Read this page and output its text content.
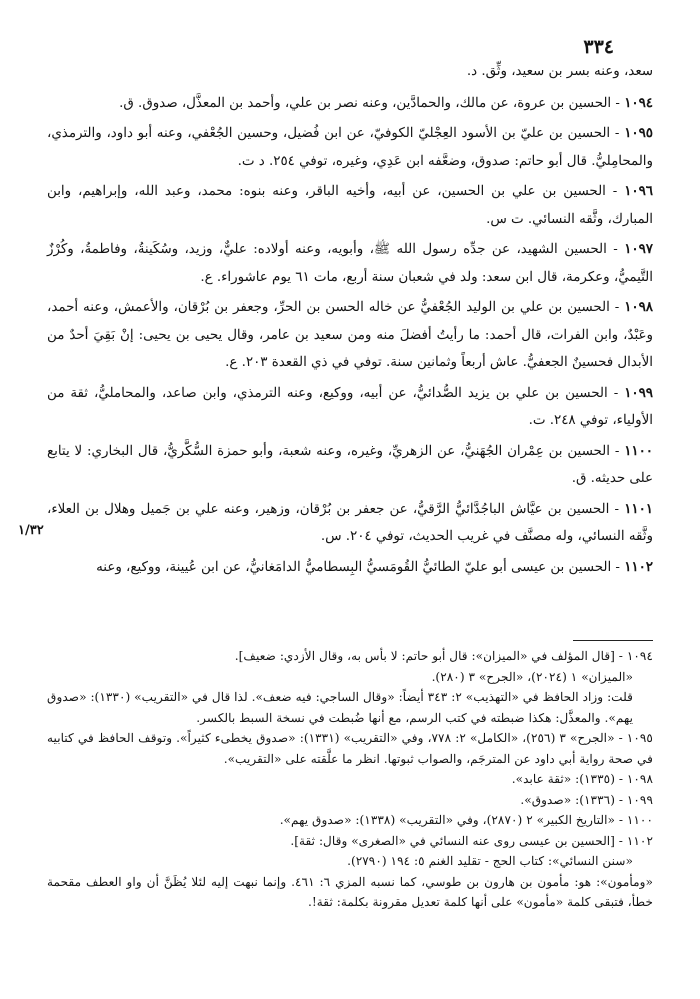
٣٣٤
١/٣٢

سعد، وعنه بسر بن سعيد، وثِّق. د.

١٠٩٤ - الحسين بن عروة، عن مالك، والحمادَّين، وعنه نصر بن علي، وأحمد بن المعذَّل، صدوق. ق.

١٠٩٥ - الحسين بن عليّ بن الأسود العِجْليّ الكوفيّ، عن ابن فُضيل، وحسين الجُعْفي، وعنه أبو داود، والترمذي، والمحامِليُّ. قال أبو حاتم: صدوق، وضعَّفه ابن عَدِي، وغيره، توفي ٢٥٤. د ت.

١٠٩٦ - الحسين بن علي بن الحسين، عن أبيه، وأخيه الباقر، وعنه بنوه: محمد، وعبد الله، وإبراهيم، وابن المبارك، وثَّقه النسائي. ت س.

١٠٩٧ - الحسين الشهيد، عن جدِّه رسول الله ﷺ، وأبويه، وعنه أولاده: عليٌّ، وزيد، وسُكَينةُ، وفاطمةُ، وكُرْزٌ التَّيميُّ، وعكرمة، قال ابن سعد: ولد في شعبان سنة أربع، مات ٦١ يوم عاشوراء. ع.

١٠٩٨ - الحسين بن علي بن الوليد الجُعْفيُّ عن خاله الحسن بن الحرِّ، وجعفر بن بُرْقان، والأعمش، وعنه أحمد، وعَبْدٌ، وابن الفرات، قال أحمد: ما رأيتُ أفضلَ منه ومن سعيد بن عامر، وقال يحيى بن يحيى: إنْ بَقِيَ أحدٌ من الأبدال فحسينٌ الجعفيُّ. عاش أربعاً وثمانين سنة. توفي في ذي القعدة ٢٠٣. ع.

١٠٩٩ - الحسين بن علي بن يزيد الصُّدائيُّ، عن أبيه، ووكيع، وعنه الترمذي، وابن صاعد، والمحامليُّ، ثقة من الأولياء، توفي ٢٤٨. ت.

١١٠٠ - الحسين بن عِمْران الجُهَنيُّ، عن الزهريِّ، وغيره، وعنه شعبة، وأبو حمزة السُّكَّريُّ، قال البخاري: لا يتابع على حديثه. ق.

١١٠١ - الحسين بن عيَّاش الباجُدَّائيُّ الرَّقيُّ، عن جعفر بن بُرْقان، وزهير، وعنه علي بن جَميل وهلال بن العلاء، وثَّقه النسائي، وله مصنَّف في غريب الحديث، توفي ٢٠٤. س.

١١٠٢ - الحسين بن عيسى أبو عليّ الطائيُّ القُومَسيُّ البِسطاميُّ الدامَغانيُّ، عن ابن عُيينة، ووكيع، وعنه

١٠٩٤ - [قال المؤلف في «الميزان»: قال أبو حاتم: لا بأس به، وقال الأزدي: ضعيف].

«الميزان» ١ (٢٠٢٤)، «الجرح» ٣ (٢٨٠).

قلت: وزاد الحافظ في «التهذيب» ٢: ٣٤٣ أيضاً: «وقال الساجي: فيه ضعف». لذا قال في «التقريب» (١٣٣٠): «صدوق يهم». والمعذَّل: هكذا ضبطته في كتب الرسم، مع أنها ضُبطت في نسخة السبط بالكسر.

١٠٩٥ - «الجرح» ٣ (٢٥٦)، «الكامل» ٢: ٧٧٨، وفي «التقريب» (١٣٣١): «صدوق يخطىء كثيراً». وتوقف الحافظ في كتابيه في صحة رواية أبي داود عن المترجَم، والصواب ثبوتها. انظر ما علَّقته على «التقريب».

١٠٩٨ - (١٣٣٥): «ثقة عابد».

١٠٩٩ - (١٣٣٦): «صدوق».

١١٠٠ - «التاريخ الكبير» ٢ (٢٨٧٠)، وفي «التقريب» (١٣٣٨): «صدوق يهم».

١١٠٢ - [الحسين بن عيسى روى عنه النسائي في «الصغرى» وقال: ثقة].

«سنن النسائي»: كتاب الحج - تقليد الغنم ٥: ١٩٤ (٢٧٩٠).

«ومأمون»: هو: مأمون بن هارون بن طوسي، كما نسبه المزي ٦: ٤٦١. وإنما نبهت إليه لئلا يُظَنَّ أن واو العطف مقحمة خطأ، فتبقى كلمة «مأمون» على أنها كلمة تعديل مقرونة بكلمة: ثقة!.
